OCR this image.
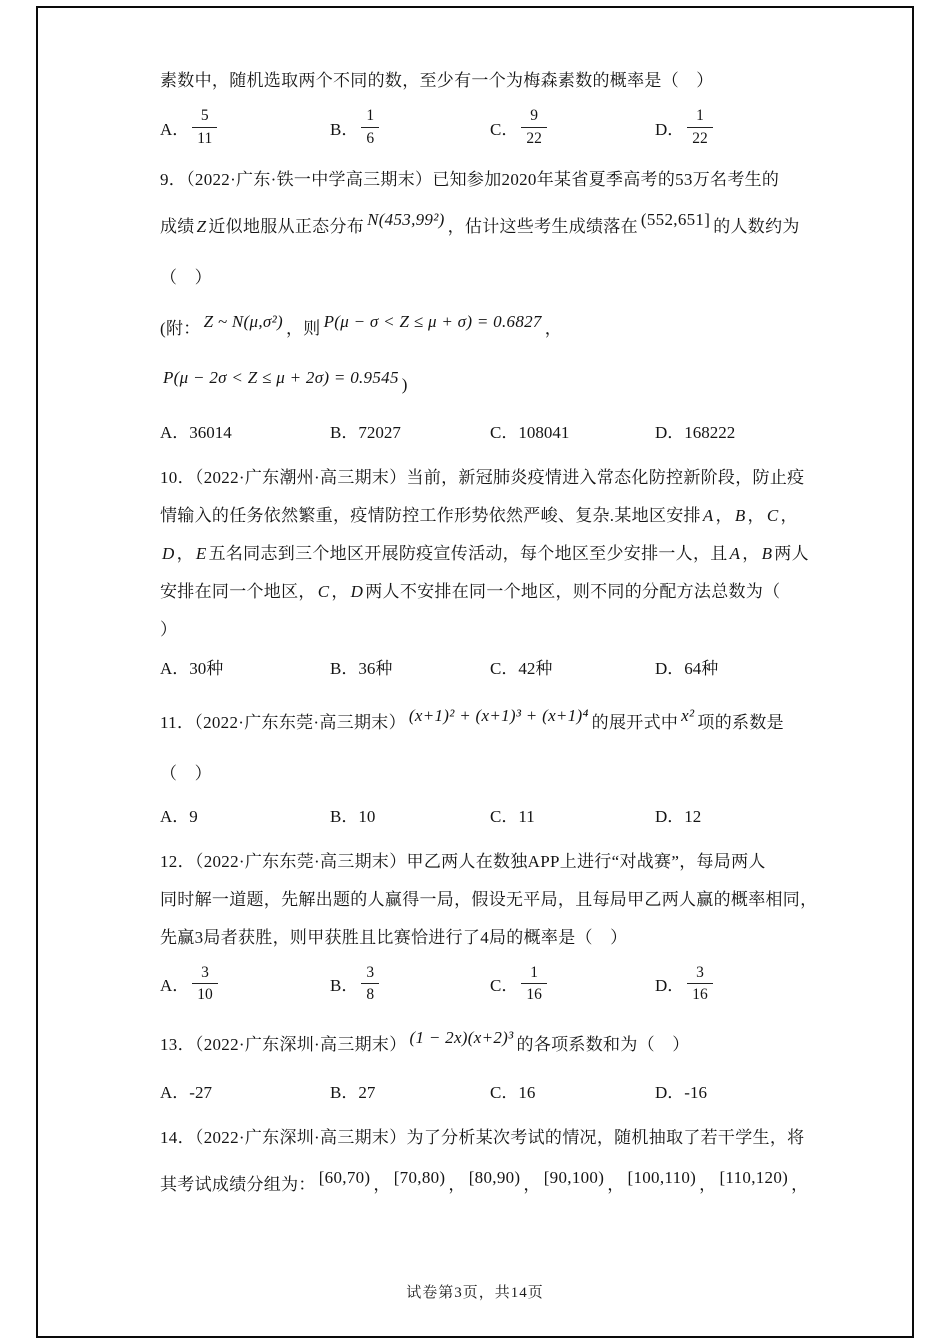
素数中，随机选取两个不同的数，至少有一个为梅森素数的概率是（　）
A． $\frac{5}{11}$	B． $\frac{1}{6}$	C． $\frac{9}{22}$	D． $\frac{1}{22}$
9．（2022·广东·铁一中学高三期末）已知参加2020年某省夏季高考的53万名考生的
成绩 Z 近似地服从正态分布 N(453,99²) ，估计这些考生成绩落在 (552,651] 的人数约为
（　）
(附： Z ~ N(μ,σ²) ，则 P(μ − σ < Z ≤ μ + σ) = 0.6827 ，
P(μ − 2σ < Z ≤ μ + 2σ) = 0.9545 )
A．36014	B．72027	C．108041	D．168222
10．（2022·广东潮州·高三期末）当前，新冠肺炎疫情进入常态化防控新阶段，防止疫
情输入的任务依然繁重，疫情防控工作形势依然严峻、复杂.某地区安排 A ， B ， C ，
D ， E 五名同志到三个地区开展防疫宣传活动，每个地区至少安排一人，且 A ， B 两人
安排在同一个地区， C ， D 两人不安排在同一个地区，则不同的分配方法总数为（
）
A．30种	B．36种	C．42种	D．64种
11．（2022·广东东莞·高三期末） (x+1)² + (x+1)³ + (x+1)⁴ 的展开式中 x² 项的系数是
（　）
A．9	B．10	C．11	D．12
12．（2022·广东东莞·高三期末）甲乙两人在数独APP上进行“对战赛”，每局两人
同时解一道题，先解出题的人赢得一局，假设无平局，且每局甲乙两人赢的概率相同，
先赢3局者获胜，则甲获胜且比赛恰进行了4局的概率是（　）
A． $\frac{3}{10}$	B． $\frac{3}{8}$	C． $\frac{1}{16}$	D． $\frac{3}{16}$
13．（2022·广东深圳·高三期末） (1 − 2x)(x+2)³ 的各项系数和为（　）
A．-27	B．27	C．16	D．-16
14．（2022·广东深圳·高三期末）为了分析某次考试的情况，随机抽取了若干学生，将
其考试成绩分组为： [60,70) ， [70,80) ， [80,90) ， [90,100) ， [100,110) ， [110,120) ，
试卷第3页，共14页
